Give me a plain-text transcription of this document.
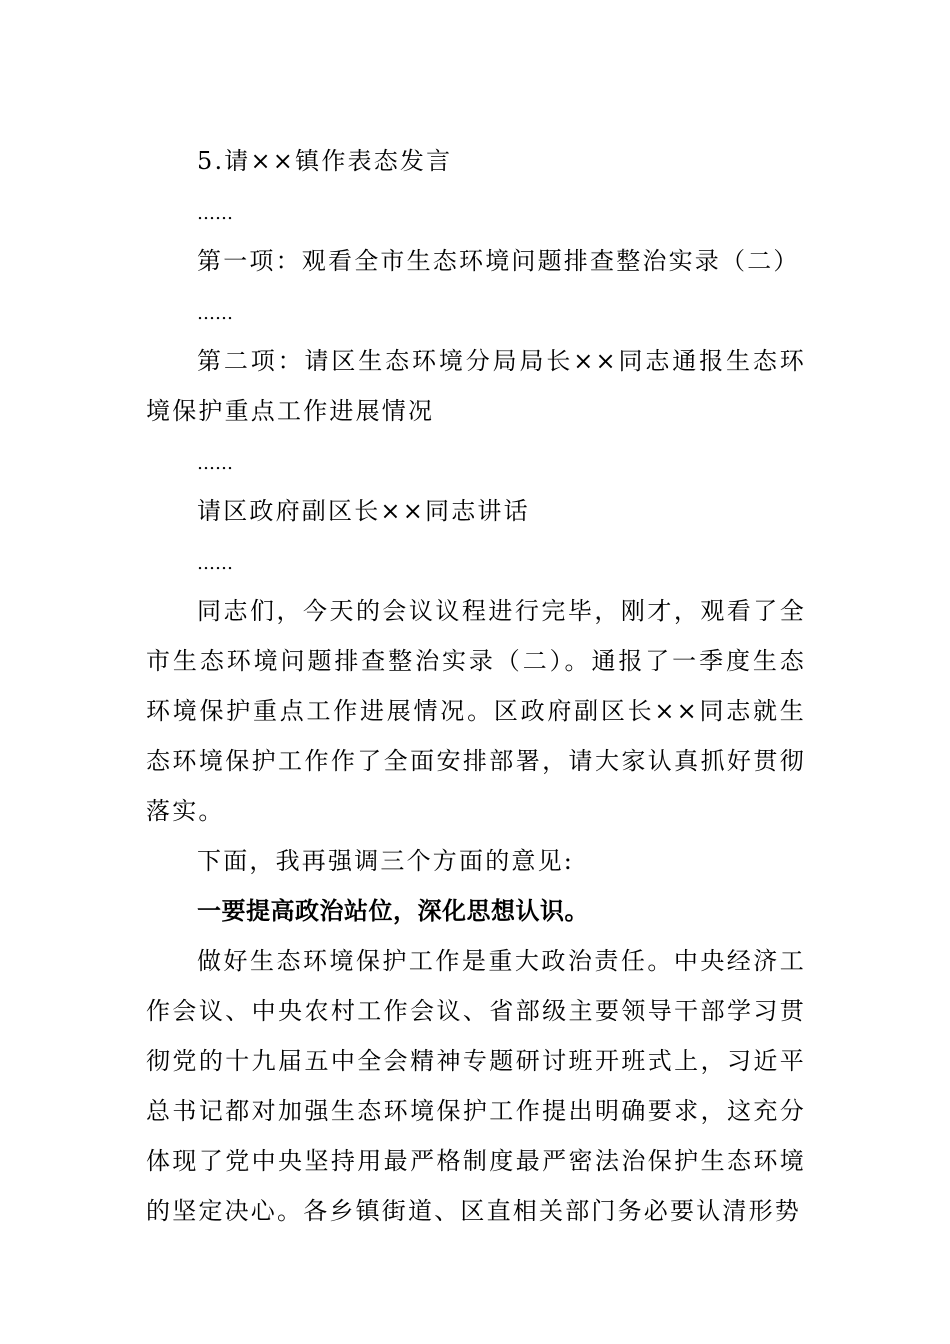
5.请××镇作表态发言
……
第一项：观看全市生态环境问题排查整治实录（二）
……

第二项：请区生态环境分局局长××同志通报生态环境保护重点工作进展情况

……
请区政府副区长××同志讲话
……

同志们，今天的会议议程进行完毕，刚才，观看了全市生态环境问题排查整治实录（二）。通报了一季度生态环境保护重点工作进展情况。区政府副区长××同志就生态环境保护工作作了全面安排部署，请大家认真抓好贯彻落实。

下面，我再强调三个方面的意见:
一要提高政治站位，深化思想认识。

做好生态环境保护工作是重大政治责任。中央经济工作会议、中央农村工作会议、省部级主要领导干部学习贯彻党的十九届五中全会精神专题研讨班开班式上，习近平总书记都对加强生态环境保护工作提出明确要求，这充分体现了党中央坚持用最严格制度最严密法治保护生态环境的坚定决心。各乡镇街道、区直相关部门务必要认清形势
